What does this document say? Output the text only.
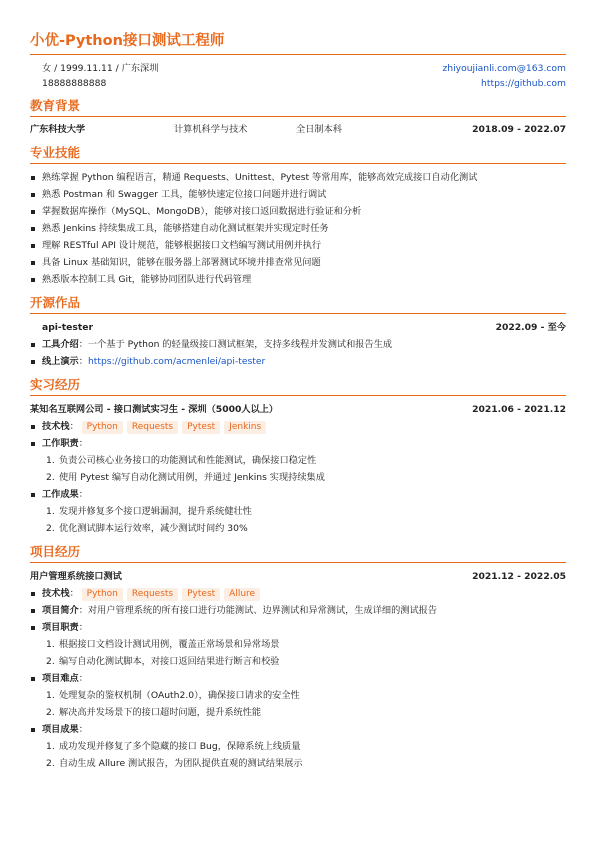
小优-Python接口测试工程师
女 / 1999.11.11 / 广东深圳
18888888888
zhiyoujianli.com@163.com
https://github.com
教育背景
广东科技大学	计算机科学与技术	全日制本科	2018.09 - 2022.07
专业技能
熟练掌握 Python 编程语言，精通 Requests、Unittest、Pytest 等常用库，能够高效完成接口自动化测试
熟悉 Postman 和 Swagger 工具，能够快速定位接口问题并进行调试
掌握数据库操作（MySQL、MongoDB），能够对接口返回数据进行验证和分析
熟悉 Jenkins 持续集成工具，能够搭建自动化测试框架并实现定时任务
理解 RESTful API 设计规范，能够根据接口文档编写测试用例并执行
具备 Linux 基础知识，能够在服务器上部署测试环境并排查常见问题
熟悉版本控制工具 Git，能够协同团队进行代码管理
开源作品
api-tester	2022.09 - 至今
工具介绍：一个基于 Python 的轻量级接口测试框架，支持多线程并发测试和报告生成
线上演示：https://github.com/acmenlei/api-tester
实习经历
某知名互联网公司 - 接口测试实习生 - 深圳（5000人以上）	2021.06 - 2021.12
技术栈： Python Requests Pytest Jenkins
工作职责：
1. 负责公司核心业务接口的功能测试和性能测试，确保接口稳定性
2. 使用 Pytest 编写自动化测试用例，并通过 Jenkins 实现持续集成
工作成果：
1. 发现并修复多个接口逻辑漏洞，提升系统健壮性
2. 优化测试脚本运行效率，减少测试时间约 30%
项目经历
用户管理系统接口测试	2021.12 - 2022.05
技术栈： Python Requests Pytest Allure
项目简介：对用户管理系统的所有接口进行功能测试、边界测试和异常测试，生成详细的测试报告
项目职责：
1. 根据接口文档设计测试用例，覆盖正常场景和异常场景
2. 编写自动化测试脚本，对接口返回结果进行断言和校验
项目难点：
1. 处理复杂的鉴权机制（OAuth2.0），确保接口请求的安全性
2. 解决高并发场景下的接口超时问题，提升系统性能
项目成果：
1. 成功发现并修复了多个隐藏的接口 Bug，保障系统上线质量
2. 自动生成 Allure 测试报告，为团队提供直观的测试结果展示
